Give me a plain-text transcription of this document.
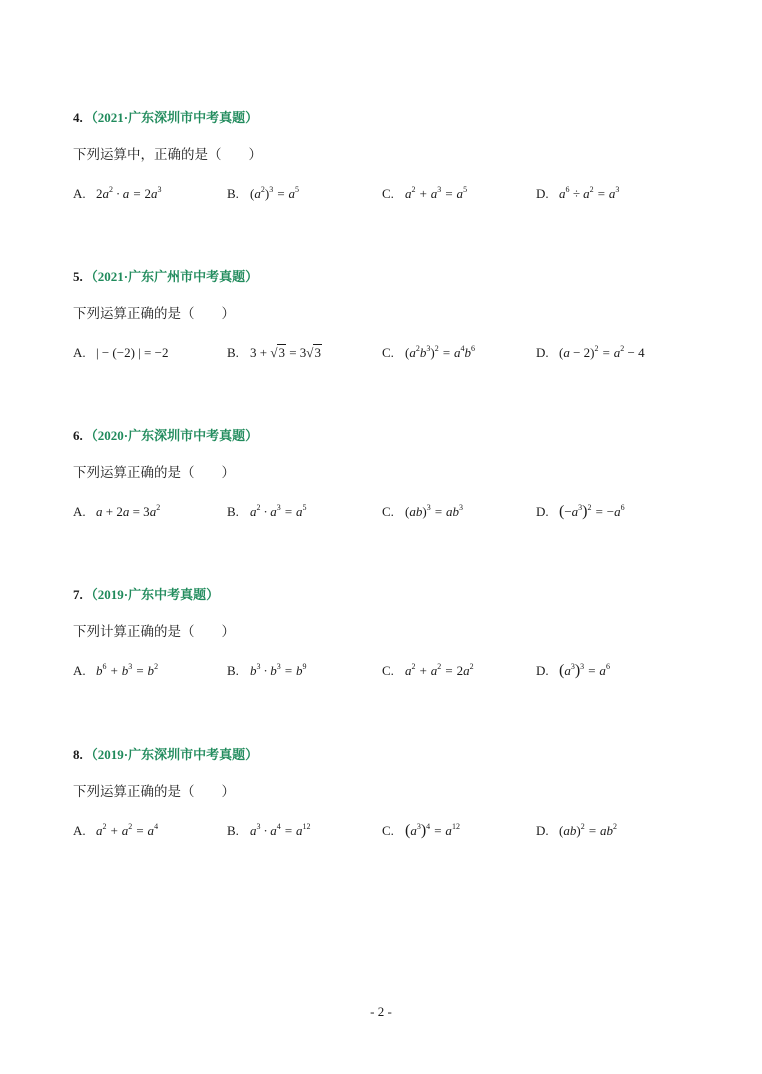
4. （2021·广东深圳市中考真题）
下列运算中，正确的是（　　）
A. $2a^2 \cdot a = 2a^3$	B. $(a^2)^3 = a^5$	C. $a^2 + a^3 = a^5$	D. $a^6 \div a^2 = a^3$
5. （2021·广东广州市中考真题）
下列运算正确的是（　　）
A. | − (−2) | = −2	B. 3 + √3 = 3√3	C. $(a^2b^3)^2 = a^4b^6$	D. $(a - 2)^2 = a^2 - 4$
6. （2020·广东深圳市中考真题）
下列运算正确的是（　　）
A. $a + 2a = 3a^2$	B. $a^2 \cdot a^3 = a^5$	C. $(ab)^3 = ab^3$	D. $(-a^3)^2 = -a^6$
7. （2019·广东中考真题）
下列计算正确的是（　　）
A. $b^6 + b^3 = b^2$	B. $b^3 \cdot b^3 = b^9$	C. $a^2 + a^2 = 2a^2$	D. $(a^3)^3 = a^6$
8. （2019·广东深圳市中考真题）
下列运算正确的是（　　）
A. $a^2 + a^2 = a^4$	B. $a^3 \cdot a^4 = a^{12}$	C. $(a^3)^4 = a^{12}$	D. $(ab)^2 = ab^2$
- 2 -
